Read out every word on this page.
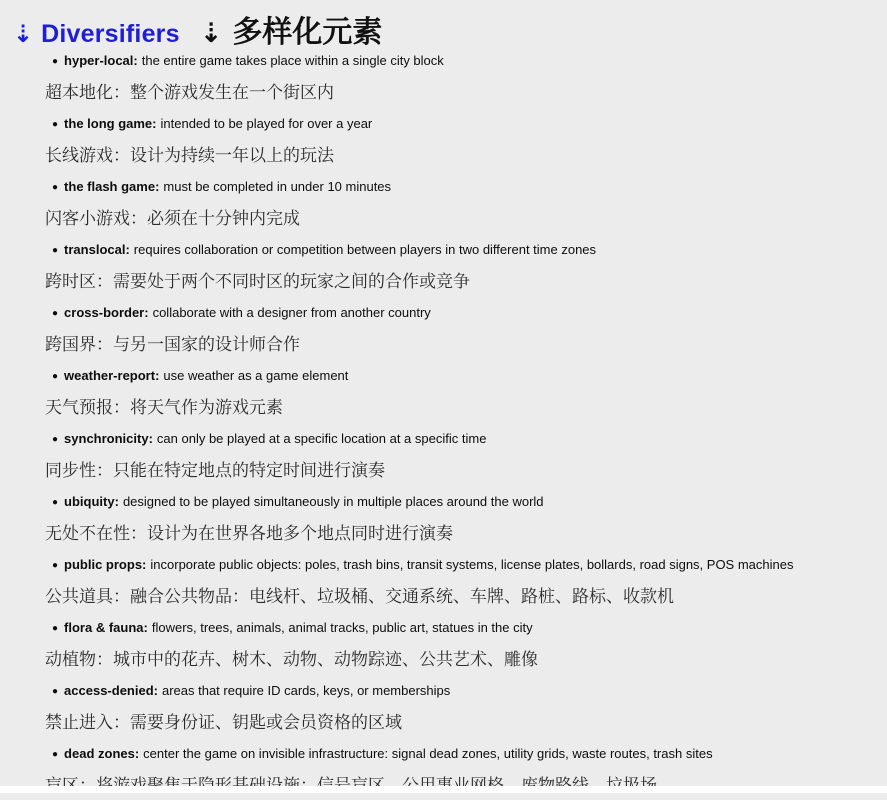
⇣ Diversifiers ⇣ 多样化元素
● hyper-local: the entire game takes place within a single city block
超本地化：整个游戏发生在一个街区内
● the long game: intended to be played for over a year
长线游戏：设计为持续一年以上的玩法
● the flash game: must be completed in under 10 minutes
闪客小游戏：必须在十分钟内完成
● translocal: requires collaboration or competition between players in two different time zones
跨时区：需要处于两个不同时区的玩家之间的合作或竞争
● cross-border: collaborate with a designer from another country
跨国界：与另一国家的设计师合作
● weather-report: use weather as a game element
天气预报：将天气作为游戏元素
● synchronicity: can only be played at a specific location at a specific time
同步性：只能在特定地点的特定时间进行演奏
● ubiquity: designed to be played simultaneously in multiple places around the world
无处不在性：设计为在世界各地多个地点同时进行演奏
● public props: incorporate public objects: poles, trash bins, transit systems, license plates, bollards, road signs, POS machines
公共道具：融合公共物品：电线杆、垃圾桶、交通系统、车牌、路桩、路标、收款机
● flora & fauna: flowers, trees, animals, animal tracks, public art, statues in the city
动植物：城市中的花卉、树木、动物、动物踪迹、公共艺术、雕像
● access-denied: areas that require ID cards, keys, or memberships
禁止进入：需要身份证、钥匙或会员资格的区域
● dead zones: center the game on invisible infrastructure: signal dead zones, utility grids, waste routes, trash sites
